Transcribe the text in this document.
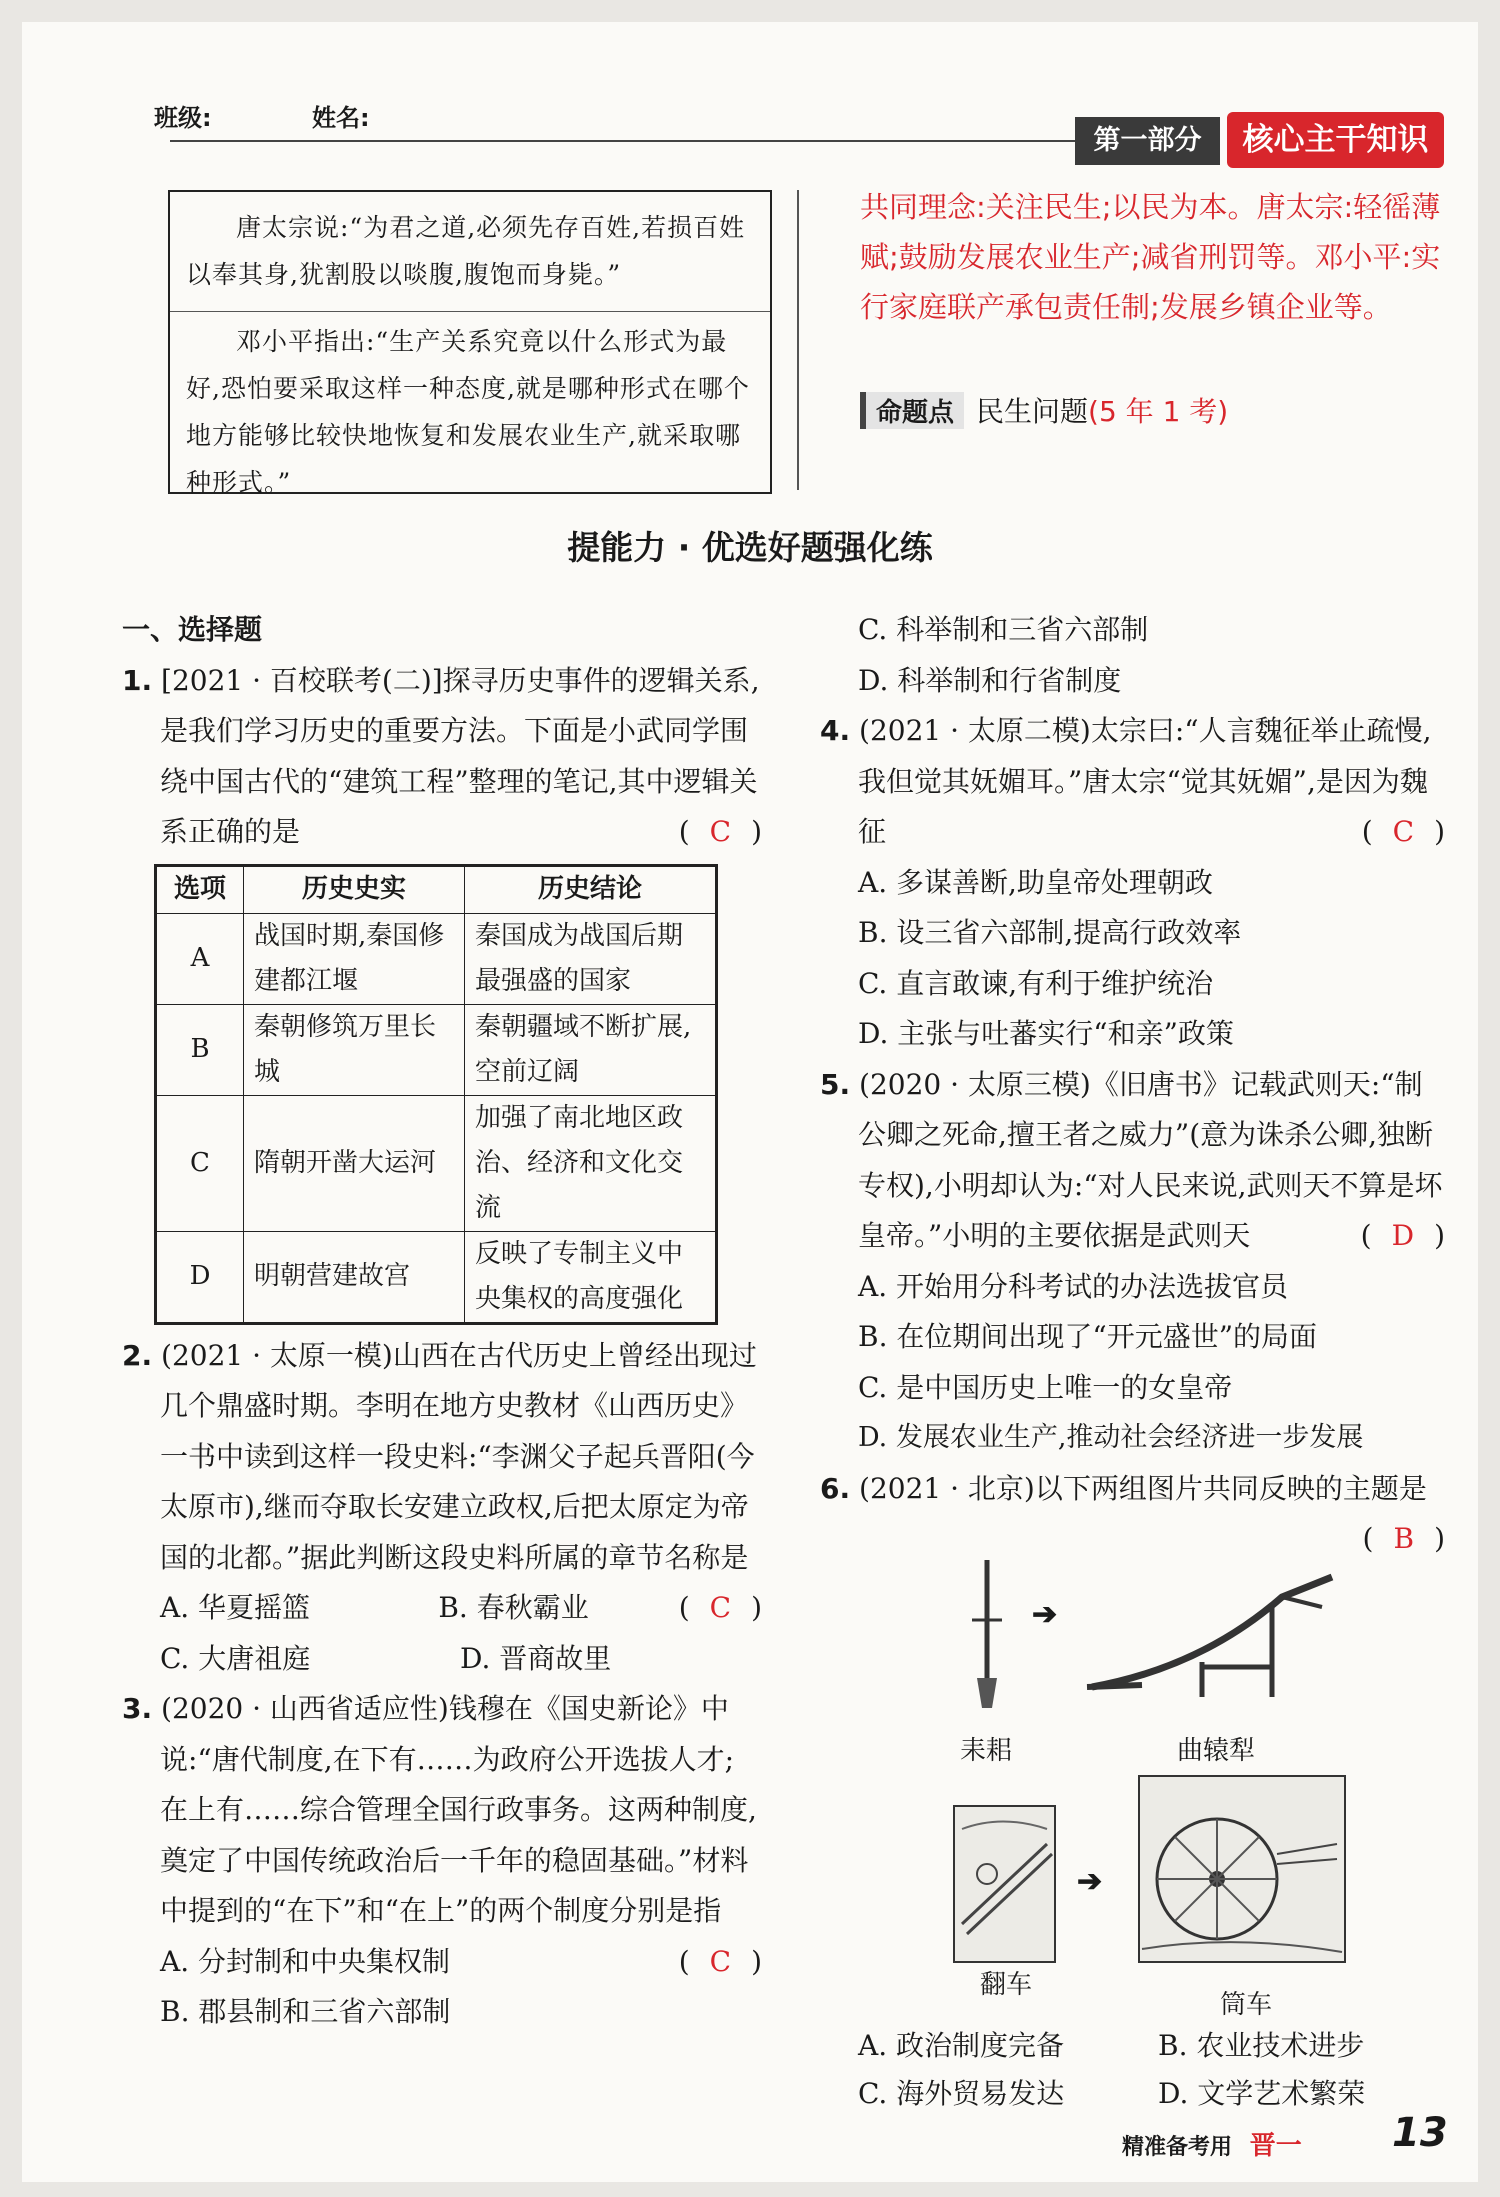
班级:	姓名:
第一部分	核心主干知识
唐太宗说:“为君之道,必须先存百姓,若损百姓以奉其身,犹割股以啖腹,腹饱而身毙。”
邓小平指出:“生产关系究竟以什么形式为最好,恐怕要采取这样一种态度,就是哪种形式在哪个地方能够比较快地恢复和发展农业生产,就采取哪种形式。”
共同理念:关注民生;以民为本。唐太宗:轻徭薄赋;鼓励发展农业生产;减省刑罚等。邓小平:实行家庭联产承包责任制;发展乡镇企业等。
命题点 民生问题(5 年 1 考)
提能力 · 优选好题强化练
一、选择题
1. [2021 · 百校联考(二)]探寻历史事件的逻辑关系,是我们学习历史的重要方法。下面是小武同学围绕中国古代的“建筑工程”整理的笔记,其中逻辑关系正确的是	( C )
选项	历史史实	历史结论
A	战国时期,秦国修建都江堰	秦国成为战国后期最强盛的国家
B	秦朝修筑万里长城	秦朝疆域不断扩展,空前辽阔
C	隋朝开凿大运河	加强了南北地区政治、经济和文化交流
D	明朝营建故宫	反映了专制主义中央集权的高度强化
2. (2021 · 太原一模)山西在古代历史上曾经出现过几个鼎盛时期。李明在地方史教材《山西历史》一书中读到这样一段史料:“李渊父子起兵晋阳(今太原市),继而夺取长安建立政权,后把太原定为帝国的北都。”据此判断这段史料所属的章节名称是
( C )
A. 华夏摇篮	B. 春秋霸业
C. 大唐祖庭	D. 晋商故里
3. (2020 · 山西省适应性)钱穆在《国史新论》中说:“唐代制度,在下有……为政府公开选拔人才;在上有……综合管理全国行政事务。这两种制度,奠定了中国传统政治后一千年的稳固基础。”材料中提到的“在下”和“在上”的两个制度分别是指
( C )
A. 分封制和中央集权制
B. 郡县制和三省六部制
C. 科举制和三省六部制
D. 科举制和行省制度
4. (2021 · 太原二模)太宗曰:“人言魏征举止疏慢,我但觉其妩媚耳。”唐太宗“觉其妩媚”,是因为魏征	( C )
A. 多谋善断,助皇帝处理朝政
B. 设三省六部制,提高行政效率
C. 直言敢谏,有利于维护统治
D. 主张与吐蕃实行“和亲”政策
5. (2020 · 太原三模)《旧唐书》记载武则天:“制公卿之死命,擅王者之威力”(意为诛杀公卿,独断专权),小明却认为:“对人民来说,武则天不算是坏皇帝。”小明的主要依据是武则天	( D )
A. 开始用分科考试的办法选拔官员
B. 在位期间出现了“开元盛世”的局面
C. 是中国历史上唯一的女皇帝
D. 发展农业生产,推动社会经济进一步发展
6. (2021 · 北京)以下两组图片共同反映的主题是
( B )
➔
耒耜	曲辕犁
➔
翻车
筒车
A. 政治制度完备	B. 农业技术进步
C. 海外贸易发达	D. 文学艺术繁荣
精准备考用 晋一 13
